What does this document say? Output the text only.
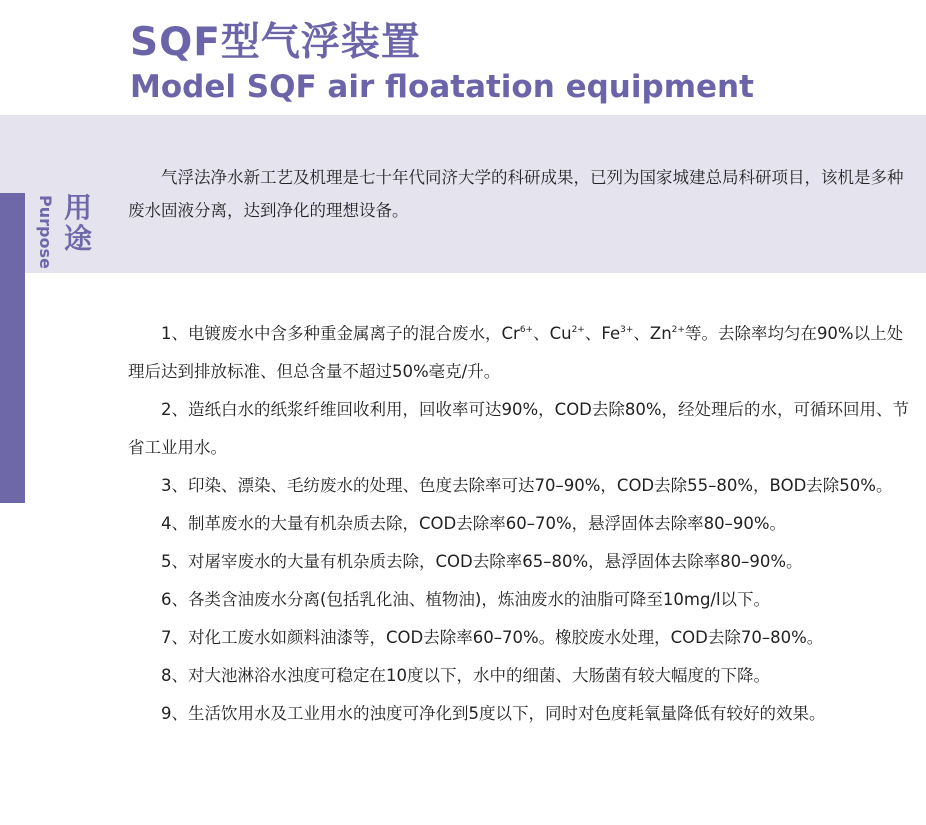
SQF型气浮装置
Model SQF air floatation equipment
Purpose 用途
气浮法净水新工艺及机理是七十年代同济大学的科研成果，已列为国家城建总局科研项目，该机是多种废水固液分离，达到净化的理想设备。

1、电镀废水中含多种重金属离子的混合废水，$Cr^{6+}$、$Cu^{2+}$、$Fe^{3+}$、$Zn^{2+}$等。去除率均匀在90%以上处理后达到排放标准、但总含量不超过50%毫克/升。

2、造纸白水的纸浆纤维回收利用，回收率可达90%，COD去除80%，经处理后的水，可循环回用、节省工业用水。

3、印染、漂染、毛纺废水的处理、色度去除率可达70–90%，COD去除55–80%，BOD去除50%。

4、制革废水的大量有机杂质去除，COD去除率60–70%，悬浮固体去除率80–90%。

5、对屠宰废水的大量有机杂质去除，COD去除率65–80%，悬浮固体去除率80–90%。

6、各类含油废水分离(包括乳化油、植物油)，炼油废水的油脂可降至10mg/l以下。

7、对化工废水如颜料油漆等，COD去除率60–70%。橡胶废水处理，COD去除70–80%。

8、对大池淋浴水浊度可稳定在10度以下，水中的细菌、大肠菌有较大幅度的下降。

9、生活饮用水及工业用水的浊度可净化到5度以下，同时对色度耗氧量降低有较好的效果。
